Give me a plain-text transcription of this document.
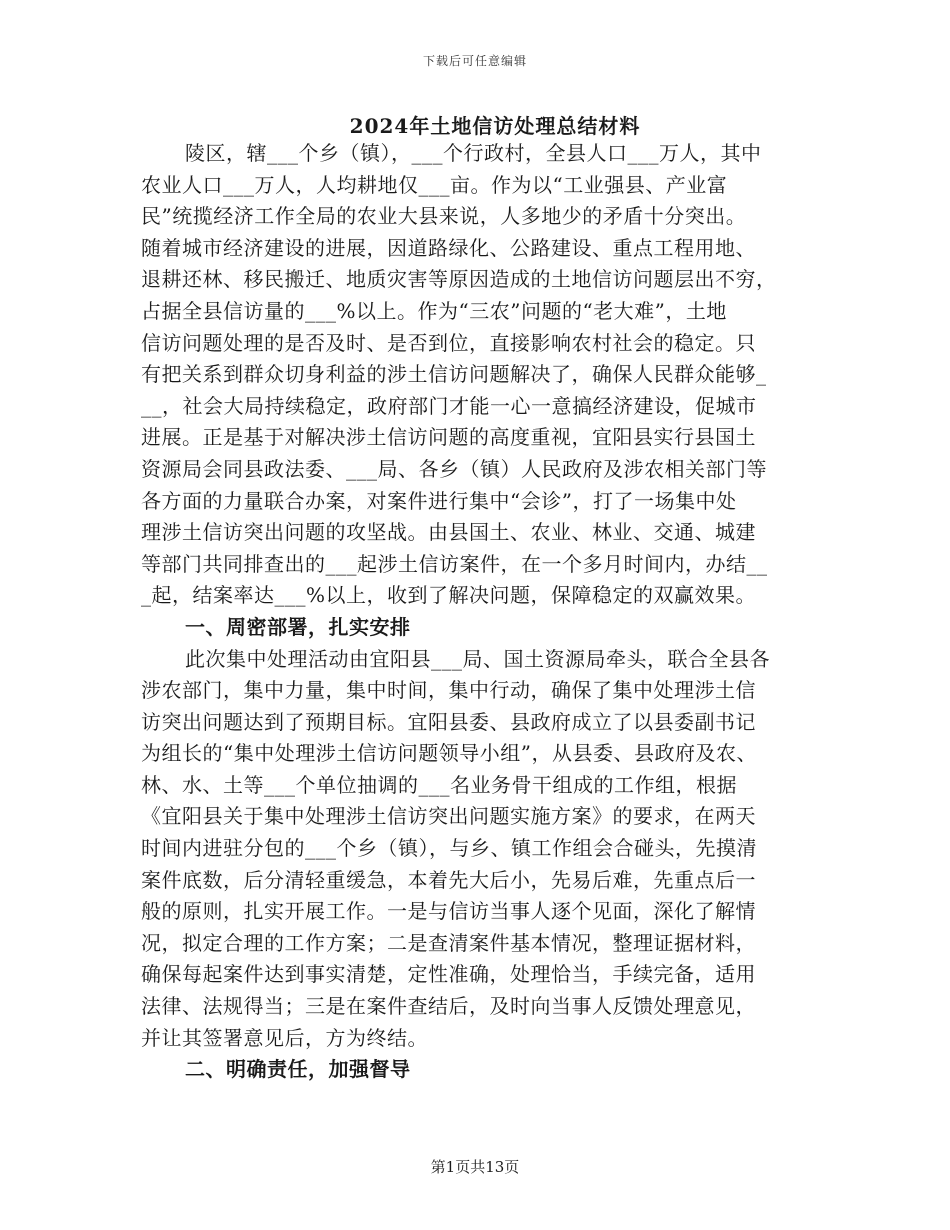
下载后可任意编辑
2024年土地信访处理总结材料
陵区，辖___个乡（镇），___个行政村，全县人口___万人，其中
农业人口___万人，人均耕地仅___亩。作为以“工业强县、产业富
民”统揽经济工作全局的农业大县来说，人多地少的矛盾十分突出。
随着城市经济建设的进展，因道路绿化、公路建设、重点工程用地、
退耕还林、移民搬迁、地质灾害等原因造成的土地信访问题层出不穷，
占据全县信访量的___%以上。作为“三农”问题的“老大难”，土地
信访问题处理的是否及时、是否到位，直接影响农村社会的稳定。只
有把关系到群众切身利益的涉土信访问题解决了，确保人民群众能够_
__，社会大局持续稳定，政府部门才能一心一意搞经济建设，促城市
进展。正是基于对解决涉土信访问题的高度重视，宜阳县实行县国土
资源局会同县政法委、___局、各乡（镇）人民政府及涉农相关部门等
各方面的力量联合办案，对案件进行集中“会诊”，打了一场集中处
理涉土信访突出问题的攻坚战。由县国土、农业、林业、交通、城建
等部门共同排查出的___起涉土信访案件，在一个多月时间内，办结__
_起，结案率达___%以上，收到了解决问题，保障稳定的双赢效果。
一、周密部署，扎实安排
此次集中处理活动由宜阳县___局、国土资源局牵头，联合全县各
涉农部门，集中力量，集中时间，集中行动，确保了集中处理涉土信
访突出问题达到了预期目标。宜阳县委、县政府成立了以县委副书记
为组长的“集中处理涉土信访问题领导小组”，从县委、县政府及农、
林、水、土等___个单位抽调的___名业务骨干组成的工作组，根据
《宜阳县关于集中处理涉土信访突出问题实施方案》的要求，在两天
时间内进驻分包的___个乡（镇），与乡、镇工作组会合碰头，先摸清
案件底数，后分清轻重缓急，本着先大后小，先易后难，先重点后一
般的原则，扎实开展工作。一是与信访当事人逐个见面，深化了解情
况，拟定合理的工作方案；二是查清案件基本情况，整理证据材料，
确保每起案件达到事实清楚，定性准确，处理恰当，手续完备，适用
法律、法规得当；三是在案件查结后，及时向当事人反馈处理意见，
并让其签署意见后，方为终结。
二、明确责任，加强督导
第1页共13页
